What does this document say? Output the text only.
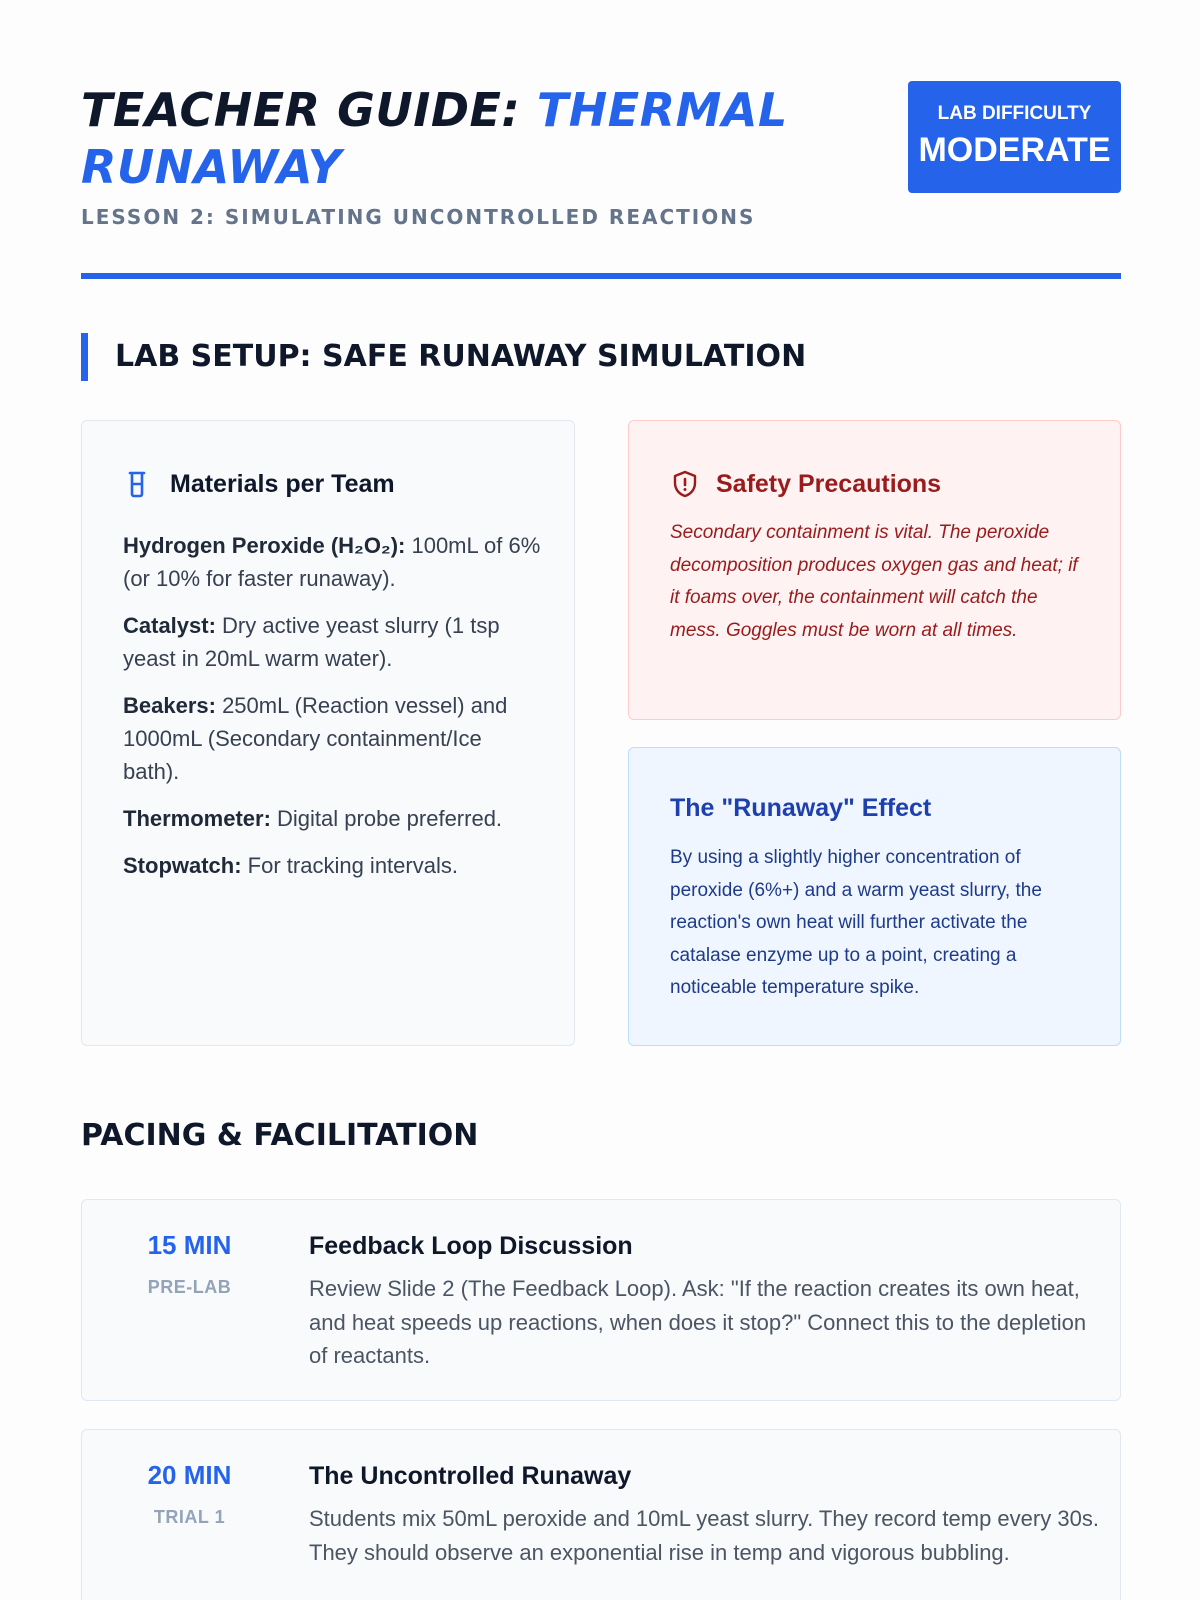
TEACHER GUIDE: THERMAL RUNAWAY
LESSON 2: SIMULATING UNCONTROLLED REACTIONS
LAB DIFFICULTY
MODERATE
LAB SETUP: SAFE RUNAWAY SIMULATION
Materials per Team
Hydrogen Peroxide (H₂O₂): 100mL of 6% (or 10% for faster runaway).
Catalyst: Dry active yeast slurry (1 tsp yeast in 20mL warm water).
Beakers: 250mL (Reaction vessel) and 1000mL (Secondary containment/Ice bath).
Thermometer: Digital probe preferred.
Stopwatch: For tracking intervals.
Safety Precautions

Secondary containment is vital. The peroxide decomposition produces oxygen gas and heat; if it foams over, the containment will catch the mess. Goggles must be worn at all times.

The "Runaway" Effect

By using a slightly higher concentration of peroxide (6%+) and a warm yeast slurry, the reaction's own heat will further activate the catalase enzyme up to a point, creating a noticeable temperature spike.

PACING & FACILITATION
15 MIN
PRE-LAB
Feedback Loop Discussion

Review Slide 2 (The Feedback Loop). Ask: "If the reaction creates its own heat, and heat speeds up reactions, when does it stop?" Connect this to the depletion of reactants.

20 MIN
TRIAL 1
The Uncontrolled Runaway

Students mix 50mL peroxide and 10mL yeast slurry. They record temp every 30s. They should observe an exponential rise in temp and vigorous bubbling.
